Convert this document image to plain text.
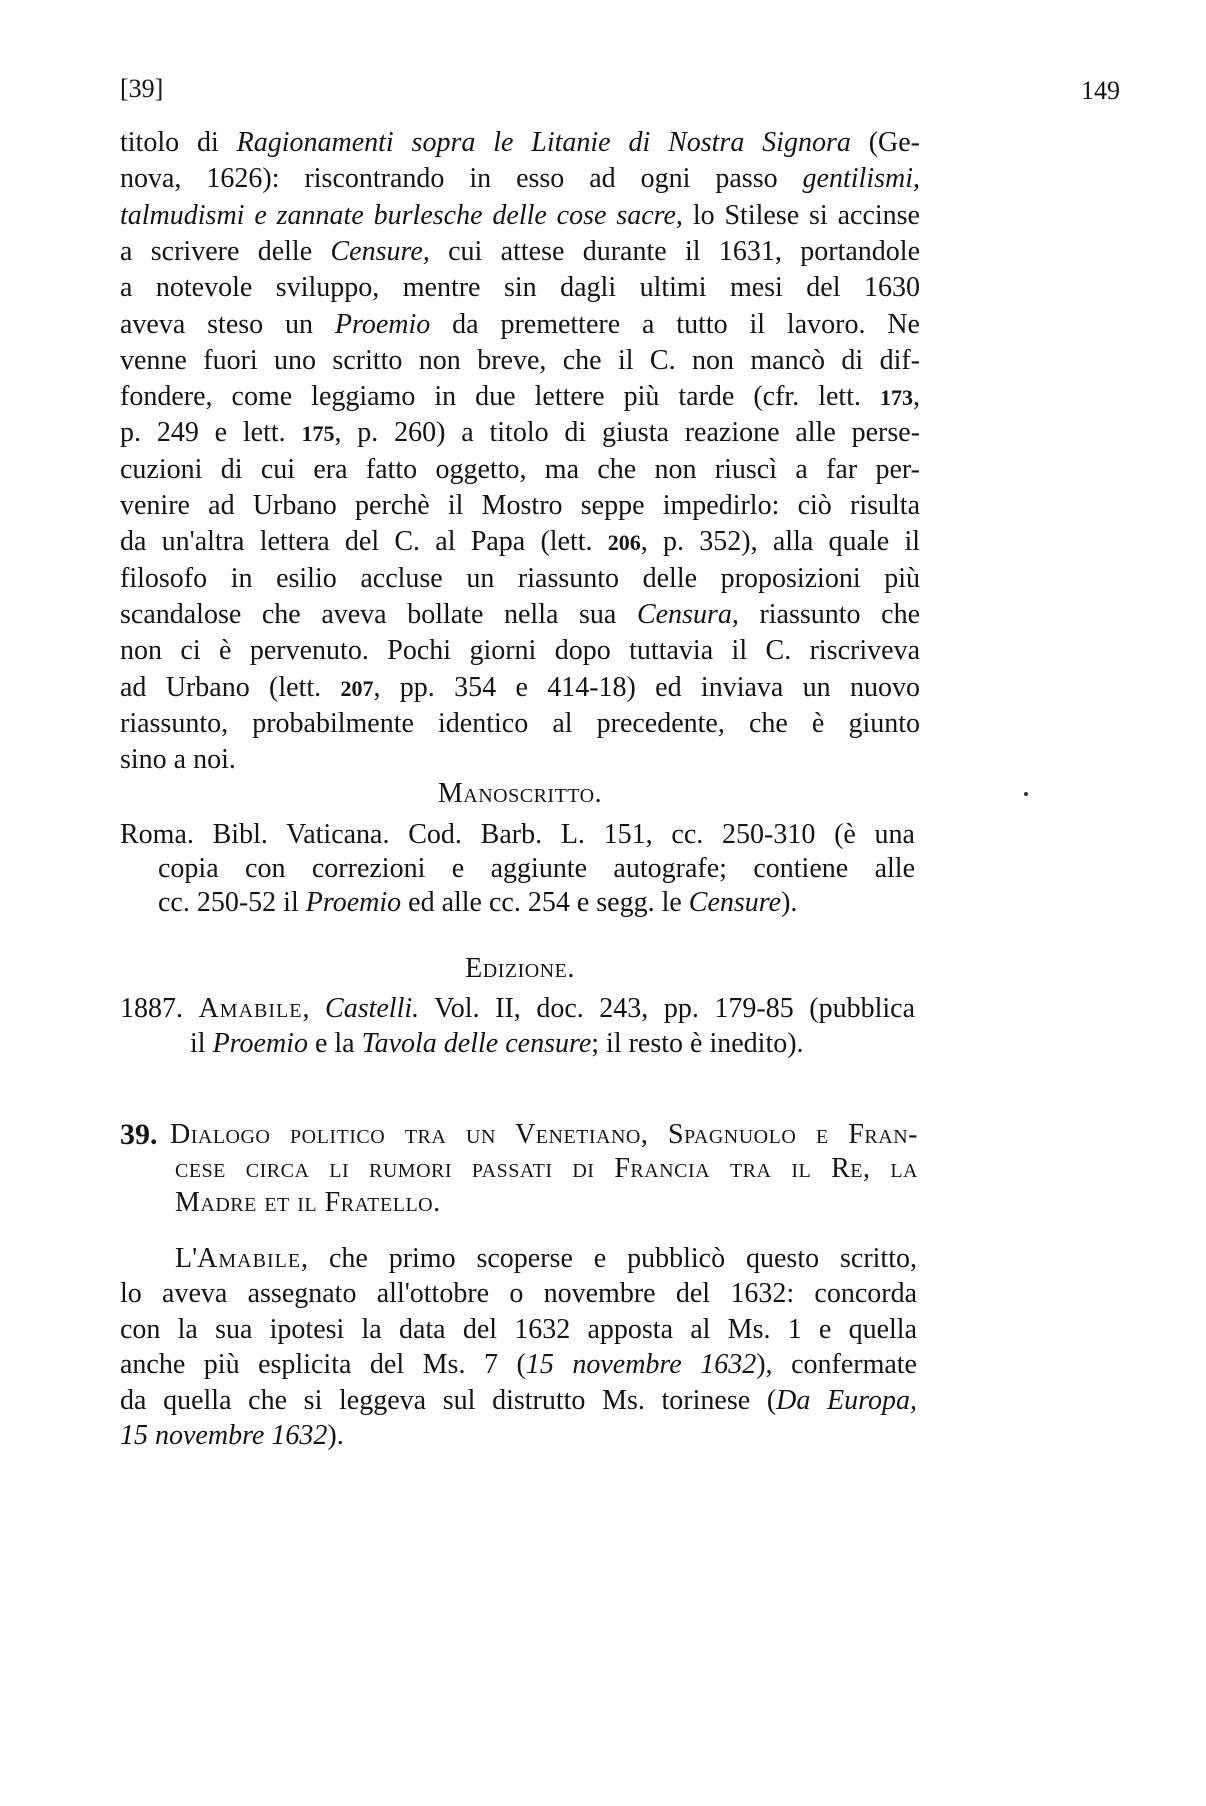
[39]	149
titolo di Ragionamenti sopra le Litanie di Nostra Signora (Ge-
nova, 1626): riscontrando in esso ad ogni passo gentilismi,
talmudismi e zannate burlesche delle cose sacre, lo Stilese si accinse
a scrivere delle Censure, cui attese durante il 1631, portandole
a notevole sviluppo, mentre sin dagli ultimi mesi del 1630
aveva steso un Proemio da premettere a tutto il lavoro. Ne
venne fuori uno scritto non breve, che il C. non mancò di dif-
fondere, come leggiamo in due lettere più tarde (cfr. lett. 173,
p. 249 e lett. 175, p. 260) a titolo di giusta reazione alle perse-
cuzioni di cui era fatto oggetto, ma che non riuscì a far per-
venire ad Urbano perchè il Mostro seppe impedirlo: ciò risulta
da un'altra lettera del C. al Papa (lett. 206, p. 352), alla quale il
filosofo in esilio accluse un riassunto delle proposizioni più
scandalose che aveva bollate nella sua Censura, riassunto che
non ci è pervenuto. Pochi giorni dopo tuttavia il C. riscriveva
ad Urbano (lett. 207, pp. 354 e 414-18) ed inviava un nuovo
riassunto, probabilmente identico al precedente, che è giunto
sino a noi.
Manoscritto.
Roma. Bibl. Vaticana. Cod. Barb. L. 151, cc. 250-310 (è una
copia con correzioni e aggiunte autografe; contiene alle
cc. 250-52 il Proemio ed alle cc. 254 e segg. le Censure).
Edizione.
1887. Amabile, Castelli. Vol. II, doc. 243, pp. 179-85 (pubblica
il Proemio e la Tavola delle censure; il resto è inedito).
39. Dialogo politico tra un Venetiano, Spagnuolo e Fran-
cese circa li rumori passati di Francia tra il Re, la
Madre et il Fratello.
L'Amabile, che primo scoperse e pubblicò questo scritto,
lo aveva assegnato all'ottobre o novembre del 1632: concorda
con la sua ipotesi la data del 1632 apposta al Ms. 1 e quella
anche più esplicita del Ms. 7 (15 novembre 1632), confermate
da quella che si leggeva sul distrutto Ms. torinese (Da Europa,
15 novembre 1632).
